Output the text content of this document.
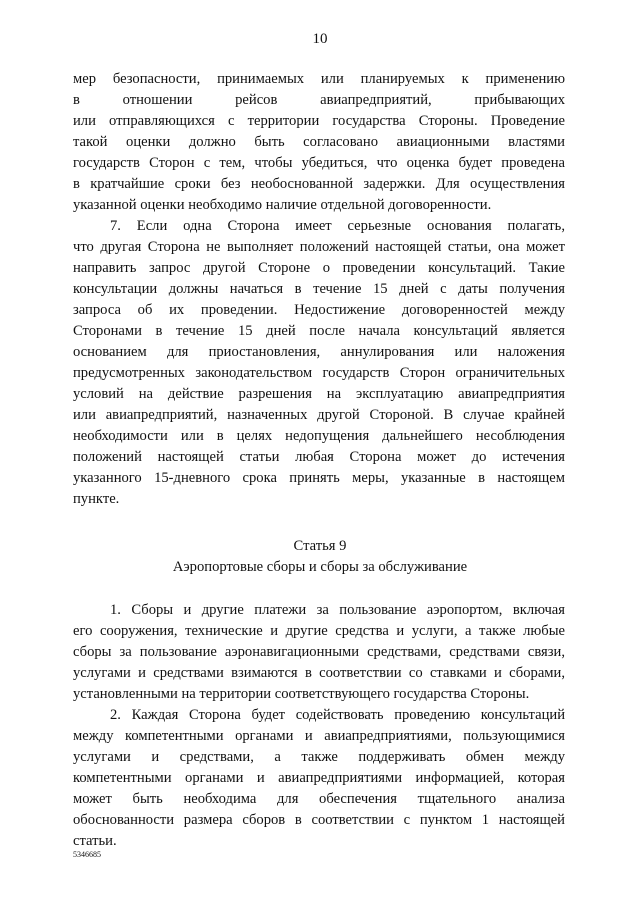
10
мер безопасности, принимаемых или планируемых к применению
в отношении рейсов авиапредприятий, прибывающих
или отправляющихся с территории государства Стороны. Проведение
такой оценки должно быть согласовано авиационными властями
государств Сторон с тем, чтобы убедиться, что оценка будет проведена
в кратчайшие сроки без необоснованной задержки. Для осуществления
указанной оценки необходимо наличие отдельной договоренности.
7. Если одна Сторона имеет серьезные основания полагать,
что другая Сторона не выполняет положений настоящей статьи, она может
направить запрос другой Стороне о проведении консультаций. Такие
консультации должны начаться в течение 15 дней с даты получения
запроса об их проведении. Недостижение договоренностей между
Сторонами в течение 15 дней после начала консультаций является
основанием для приостановления, аннулирования или наложения
предусмотренных законодательством государств Сторон ограничительных
условий на действие разрешения на эксплуатацию авиапредприятия
или авиапредприятий, назначенных другой Стороной. В случае крайней
необходимости или в целях недопущения дальнейшего несоблюдения
положений настоящей статьи любая Сторона может до истечения
указанного 15-дневного срока принять меры, указанные в настоящем
пункте.
Статья 9
Аэропортовые сборы и сборы за обслуживание
1. Сборы и другие платежи за пользование аэропортом, включая
его сооружения, технические и другие средства и услуги, а также любые
сборы за пользование аэронавигационными средствами, средствами связи,
услугами и средствами взимаются в соответствии со ставками и сборами,
установленными на территории соответствующего государства Стороны.
2. Каждая Сторона будет содействовать проведению консультаций
между компетентными органами и авиапредприятиями, пользующимися
услугами и средствами, а также поддерживать обмен между
компетентными органами и авиапредприятиями информацией, которая
может быть необходима для обеспечения тщательного анализа
обоснованности размера сборов в соответствии с пунктом 1 настоящей
статьи.
5346685
